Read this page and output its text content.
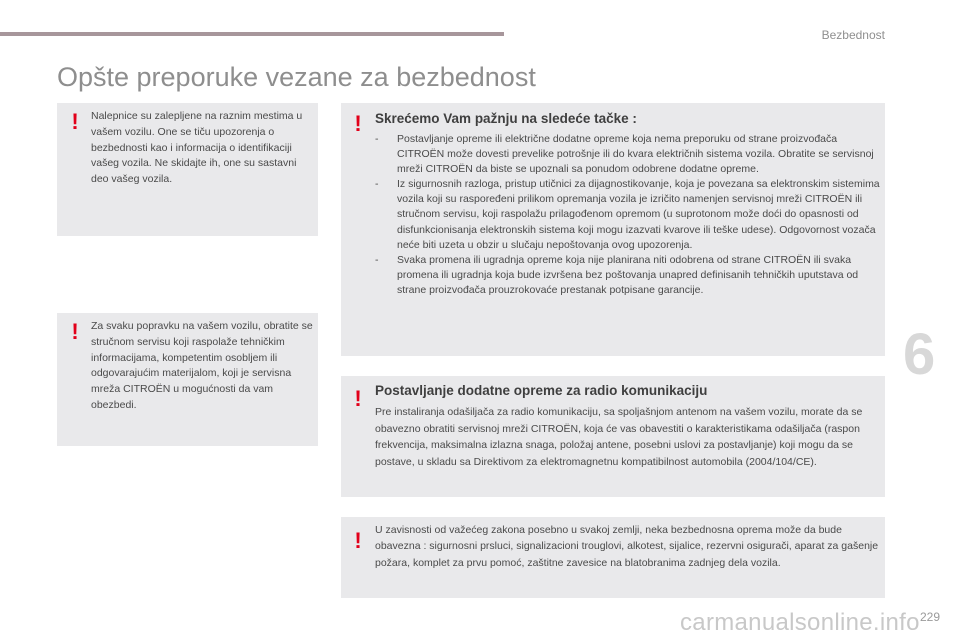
Bezbednost
Opšte preporuke vezane za bezbednost
!	Nalepnice su zalepljene na raznim mestima u vašem vozilu. One se tiču upozorenja o bezbednosti kao i informacija o identifikaciji vašeg vozila. Ne skidajte ih, one su sastavni deo vašeg vozila.
!	Za svaku popravku na vašem vozilu, obratite se stručnom servisu koji raspolaže tehničkim informacijama, kompetentim osobljem ili odgovarajućim materijalom, koji je servisna mreža CITROËN u mogućnosti da vam obezbedi.
! Skrećemo Vam pažnju na sledeće tačke :
- Postavljanje opreme ili električne dodatne opreme koja nema preporuku od strane proizvođača CITROËN može dovesti prevelike potrošnje ili do kvara električnih sistema vozila. Obratite se servisnoj mreži CITROËN da biste se upoznali sa ponudom odobrene dodatne opreme.
- Iz sigurnosnih razloga, pristup utičnici za dijagnostikovanje, koja je povezana sa elektronskim sistemima vozila koji su raspoređeni prilikom opremanja vozila je izričito namenjen servisnoj mreži CITROËN ili stručnom servisu, koji raspolažu prilagođenom opremom (u suprotonom može doći do opasnosti od disfunkcionisanja elektronskih sistema koji mogu izazvati kvarove ili teške udese). Odgovornost vozača neće biti uzeta u obzir u slučaju nepoštovanja ovog upozorenja.
- Svaka promena ili ugradnja opreme koja nije planirana niti odobrena od strane CITROËN ili svaka promena ili ugradnja koja bude izvršena bez poštovanja unapred definisanih tehničkih uputstava od strane proizvođača prouzrokovaće prestanak potpisane garancije.
! Postavljanje dodatne opreme za radio komunikaciju
Pre instaliranja odašiljača za radio komunikaciju, sa spoljašnjom antenom na vašem vozilu, morate da se obavezno obratiti servisnoj mreži CITROËN, koja će vas obavestiti o karakteristikama odašiljača (raspon frekvencija, maksimalna izlazna snaga, položaj antene, posebni uslovi za postavljanje) koji mogu da se postave, u skladu sa Direktivom za elektromagnetnu kompatibilnost automobila (2004/104/CE).
!	U zavisnosti od važećeg zakona posebno u svakoj zemlji, neka bezbednosna oprema može da bude obavezna : sigurnosni prsluci, signalizacioni trouglovi, alkotest, sijalice, rezervni osigurači, aparat za gašenje požara, komplet za prvu pomoć, zaštitne zavesice na blatobranima zadnjeg dela vozila.
6
carmanualsonline.info 229
